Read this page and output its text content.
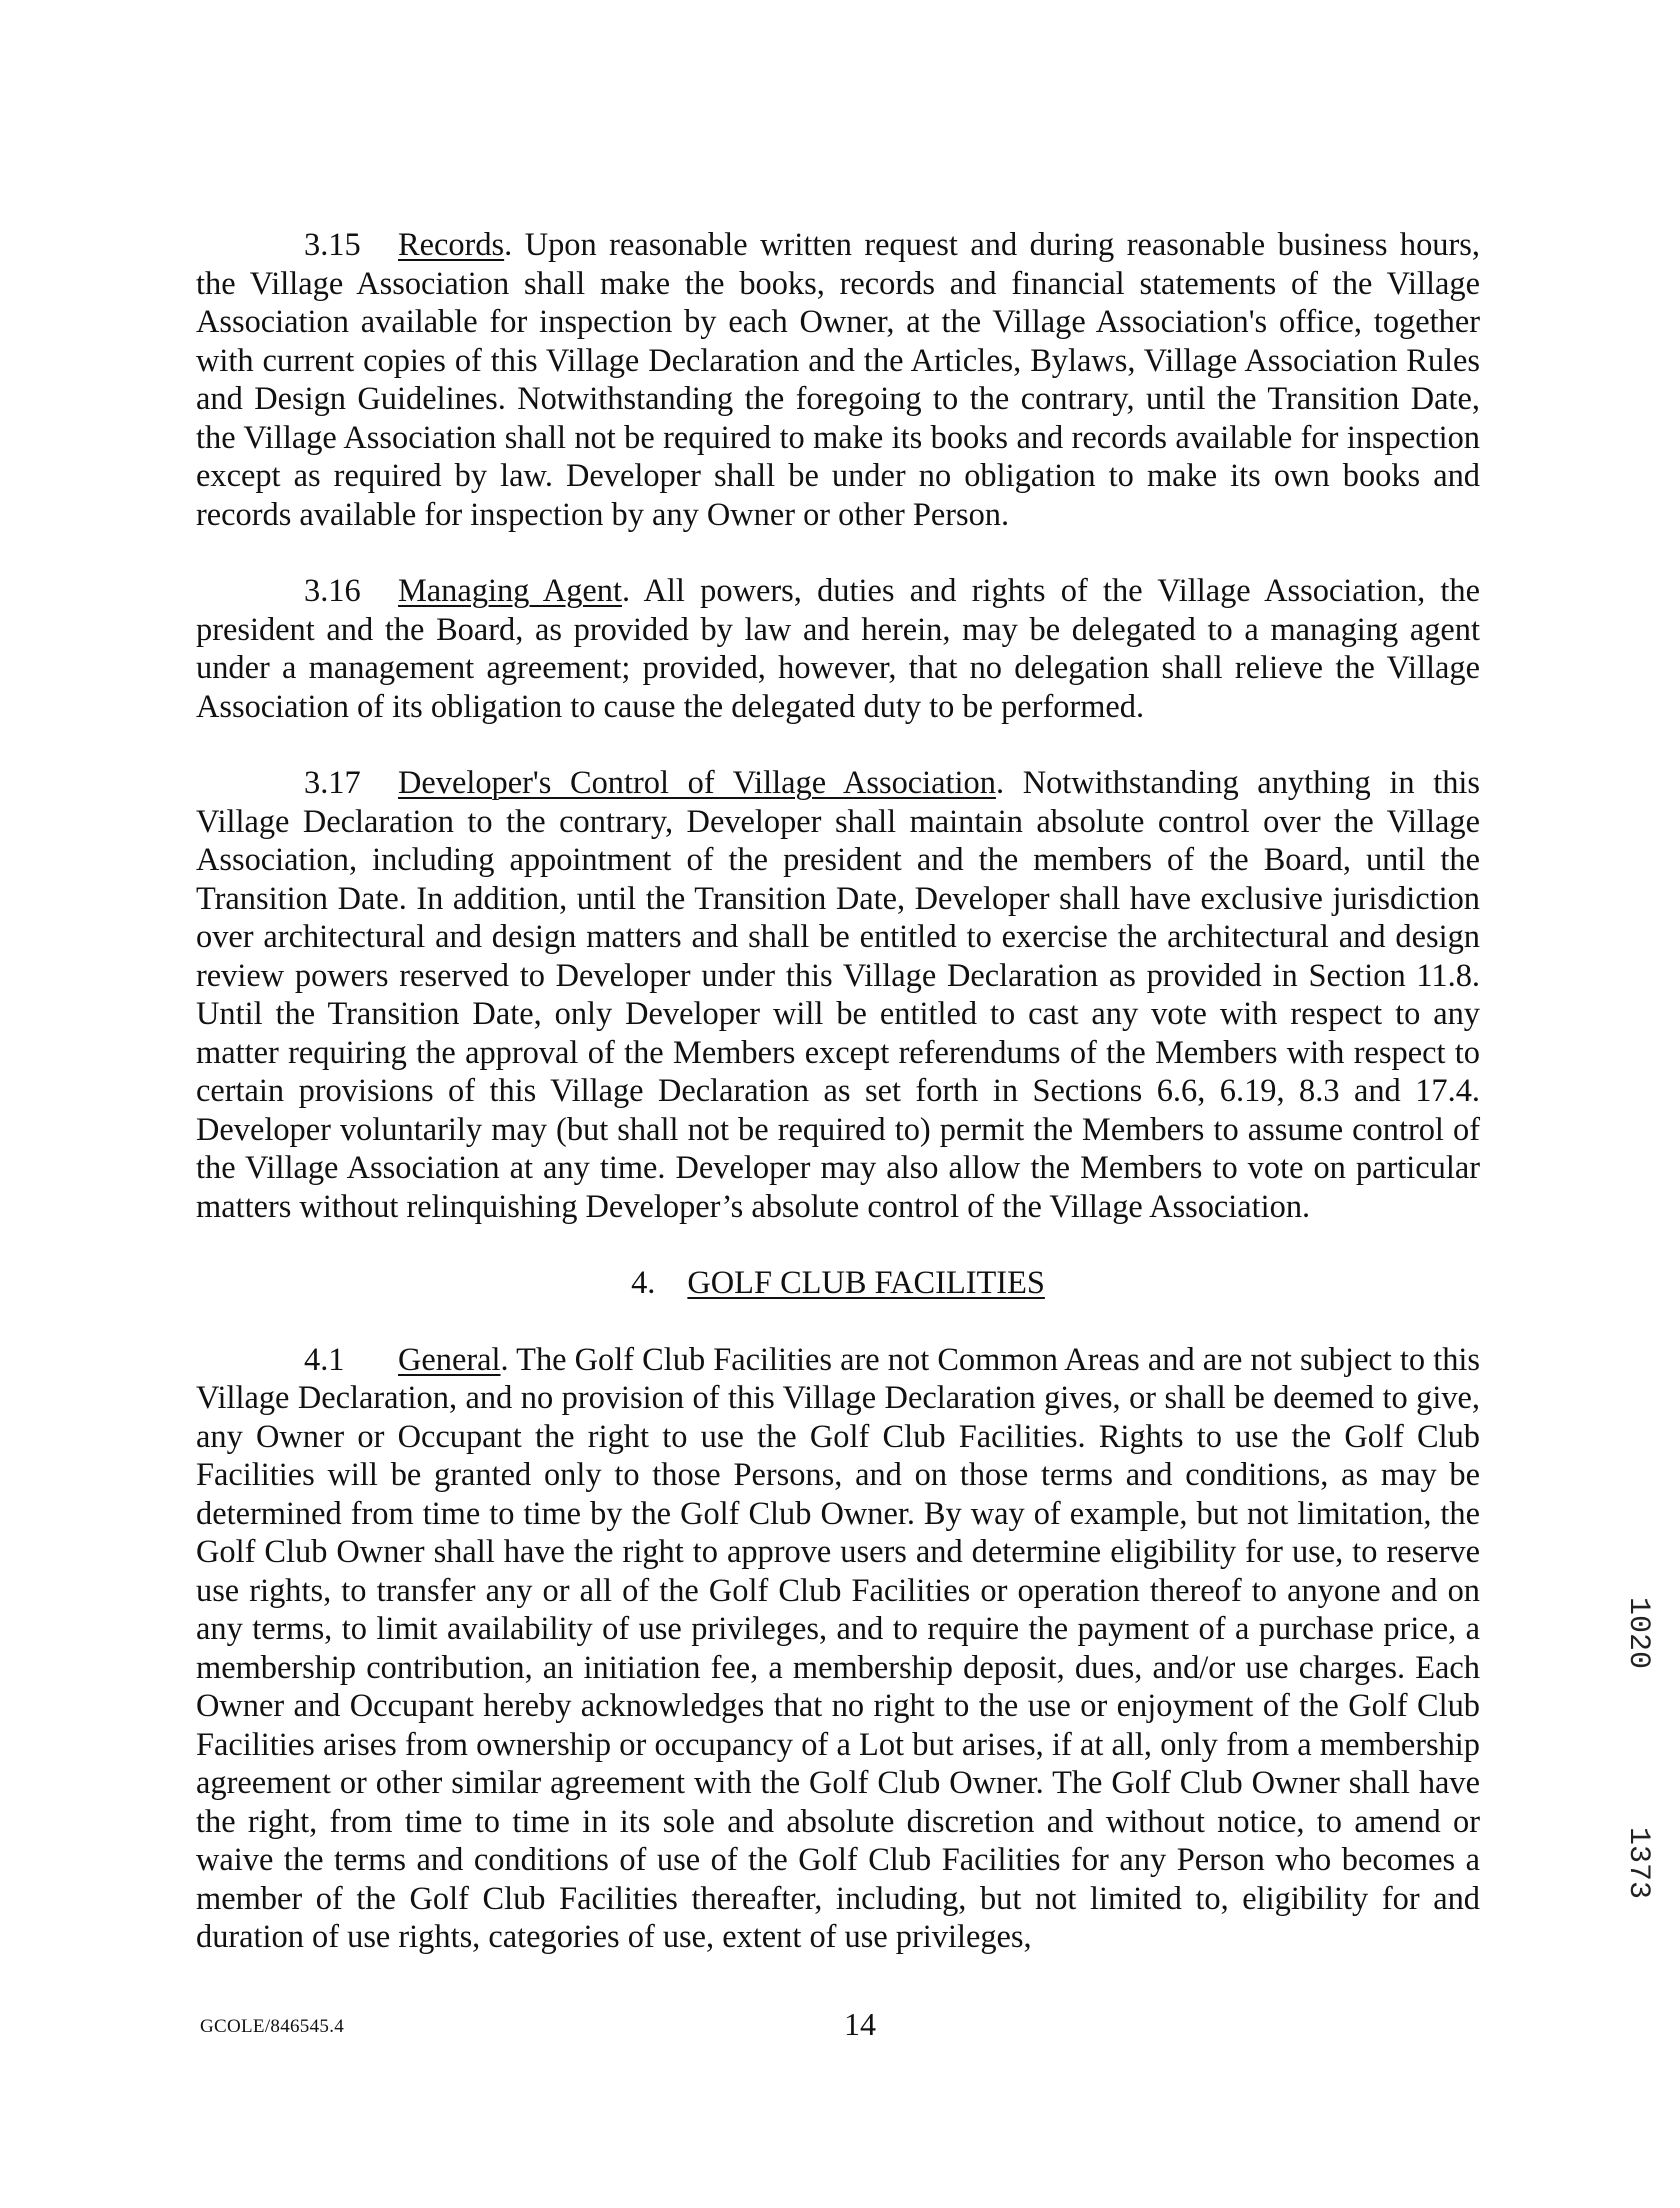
3.15 Records. Upon reasonable written request and during reasonable business hours, the Village Association shall make the books, records and financial statements of the Village Association available for inspection by each Owner, at the Village Association's office, together with current copies of this Village Declaration and the Articles, Bylaws, Village Association Rules and Design Guidelines. Notwithstanding the foregoing to the contrary, until the Transition Date, the Village Association shall not be required to make its books and records available for inspection except as required by law. Developer shall be under no obligation to make its own books and records available for inspection by any Owner or other Person.

3.16 Managing Agent. All powers, duties and rights of the Village Association, the president and the Board, as provided by law and herein, may be delegated to a managing agent under a management agreement; provided, however, that no delegation shall relieve the Village Association of its obligation to cause the delegated duty to be performed.

3.17 Developer's Control of Village Association. Notwithstanding anything in this Village Declaration to the contrary, Developer shall maintain absolute control over the Village Association, including appointment of the president and the members of the Board, until the Transition Date. In addition, until the Transition Date, Developer shall have exclusive jurisdiction over architectural and design matters and shall be entitled to exercise the architectural and design review powers reserved to Developer under this Village Declaration as provided in Section 11.8. Until the Transition Date, only Developer will be entitled to cast any vote with respect to any matter requiring the approval of the Members except referendums of the Members with respect to certain provisions of this Village Declaration as set forth in Sections 6.6, 6.19, 8.3 and 17.4. Developer voluntarily may (but shall not be required to) permit the Members to assume control of the Village Association at any time. Developer may also allow the Members to vote on particular matters without relinquishing Developer’s absolute control of the Village Association.

4. GOLF CLUB FACILITIES

4.1 General. The Golf Club Facilities are not Common Areas and are not subject to this Village Declaration, and no provision of this Village Declaration gives, or shall be deemed to give, any Owner or Occupant the right to use the Golf Club Facilities. Rights to use the Golf Club Facilities will be granted only to those Persons, and on those terms and conditions, as may be determined from time to time by the Golf Club Owner. By way of example, but not limitation, the Golf Club Owner shall have the right to approve users and determine eligibility for use, to reserve use rights, to transfer any or all of the Golf Club Facilities or operation thereof to anyone and on any terms, to limit availability of use privileges, and to require the payment of a purchase price, a membership contribution, an initiation fee, a membership deposit, dues, and/or use charges. Each Owner and Occupant hereby acknowledges that no right to the use or enjoyment of the Golf Club Facilities arises from ownership or occupancy of a Lot but arises, if at all, only from a membership agreement or other similar agreement with the Golf Club Owner. The Golf Club Owner shall have the right, from time to time in its sole and absolute discretion and without notice, to amend or waive the terms and conditions of use of the Golf Club Facilities for any Person who becomes a member of the Golf Club Facilities thereafter, including, but not limited to, eligibility for and duration of use rights, categories of use, extent of use privileges,

GCOLE/846545.4	14
1020
1373
